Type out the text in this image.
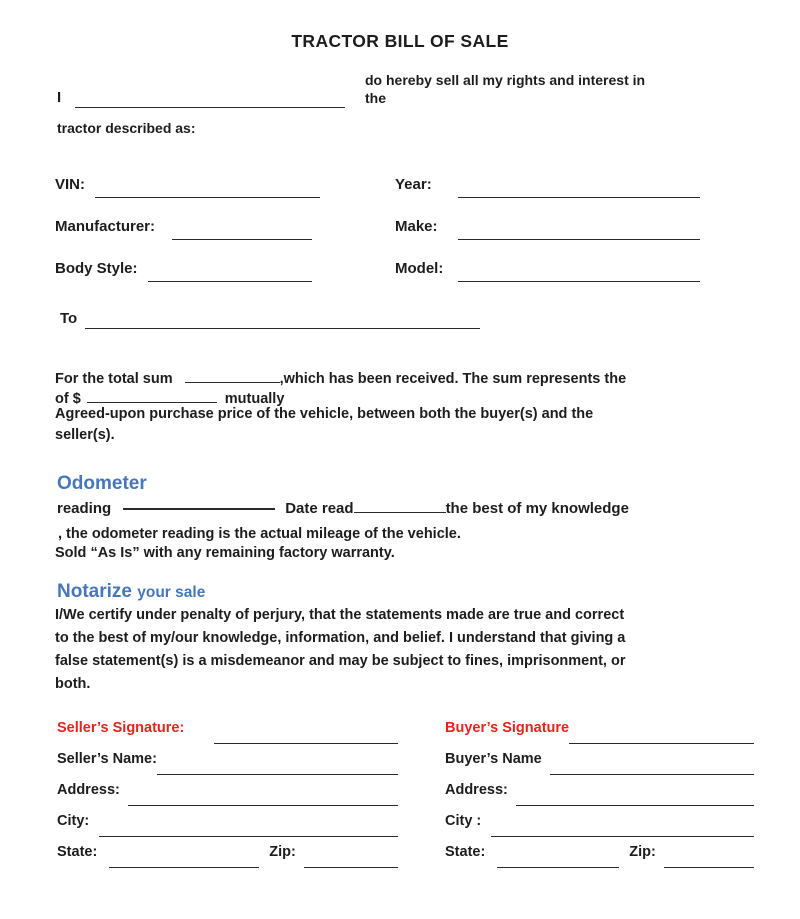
TRACTOR BILL OF SALE
do hereby sell all my rights and interest in
I	the
tractor described as:
VIN:	Year:
Manufacturer:	Make:
Body Style:	Model:
To
For the total sum	,which has been received. The sum represents the
of $	mutually
Agreed-upon purchase price of the vehicle, between both the buyer(s) and the
seller(s).
Odometer
reading	Date read	the best of my knowledge
, the odometer reading is the actual mileage of the vehicle.
Sold “As Is” with any remaining factory warranty.
Notarize your sale
I/We certify under penalty of perjury, that the statements made are true and correct
to the best of my/our knowledge, information, and belief. I understand that giving a
false statement(s) is a misdemeanor and may be subject to fines, imprisonment, or
both.
Seller’s Signature:
Seller’s Name:
Address:
City:
State:	Zip:
Buyer’s Signature
Buyer’s Name
Address:
City :
State:	Zip:
